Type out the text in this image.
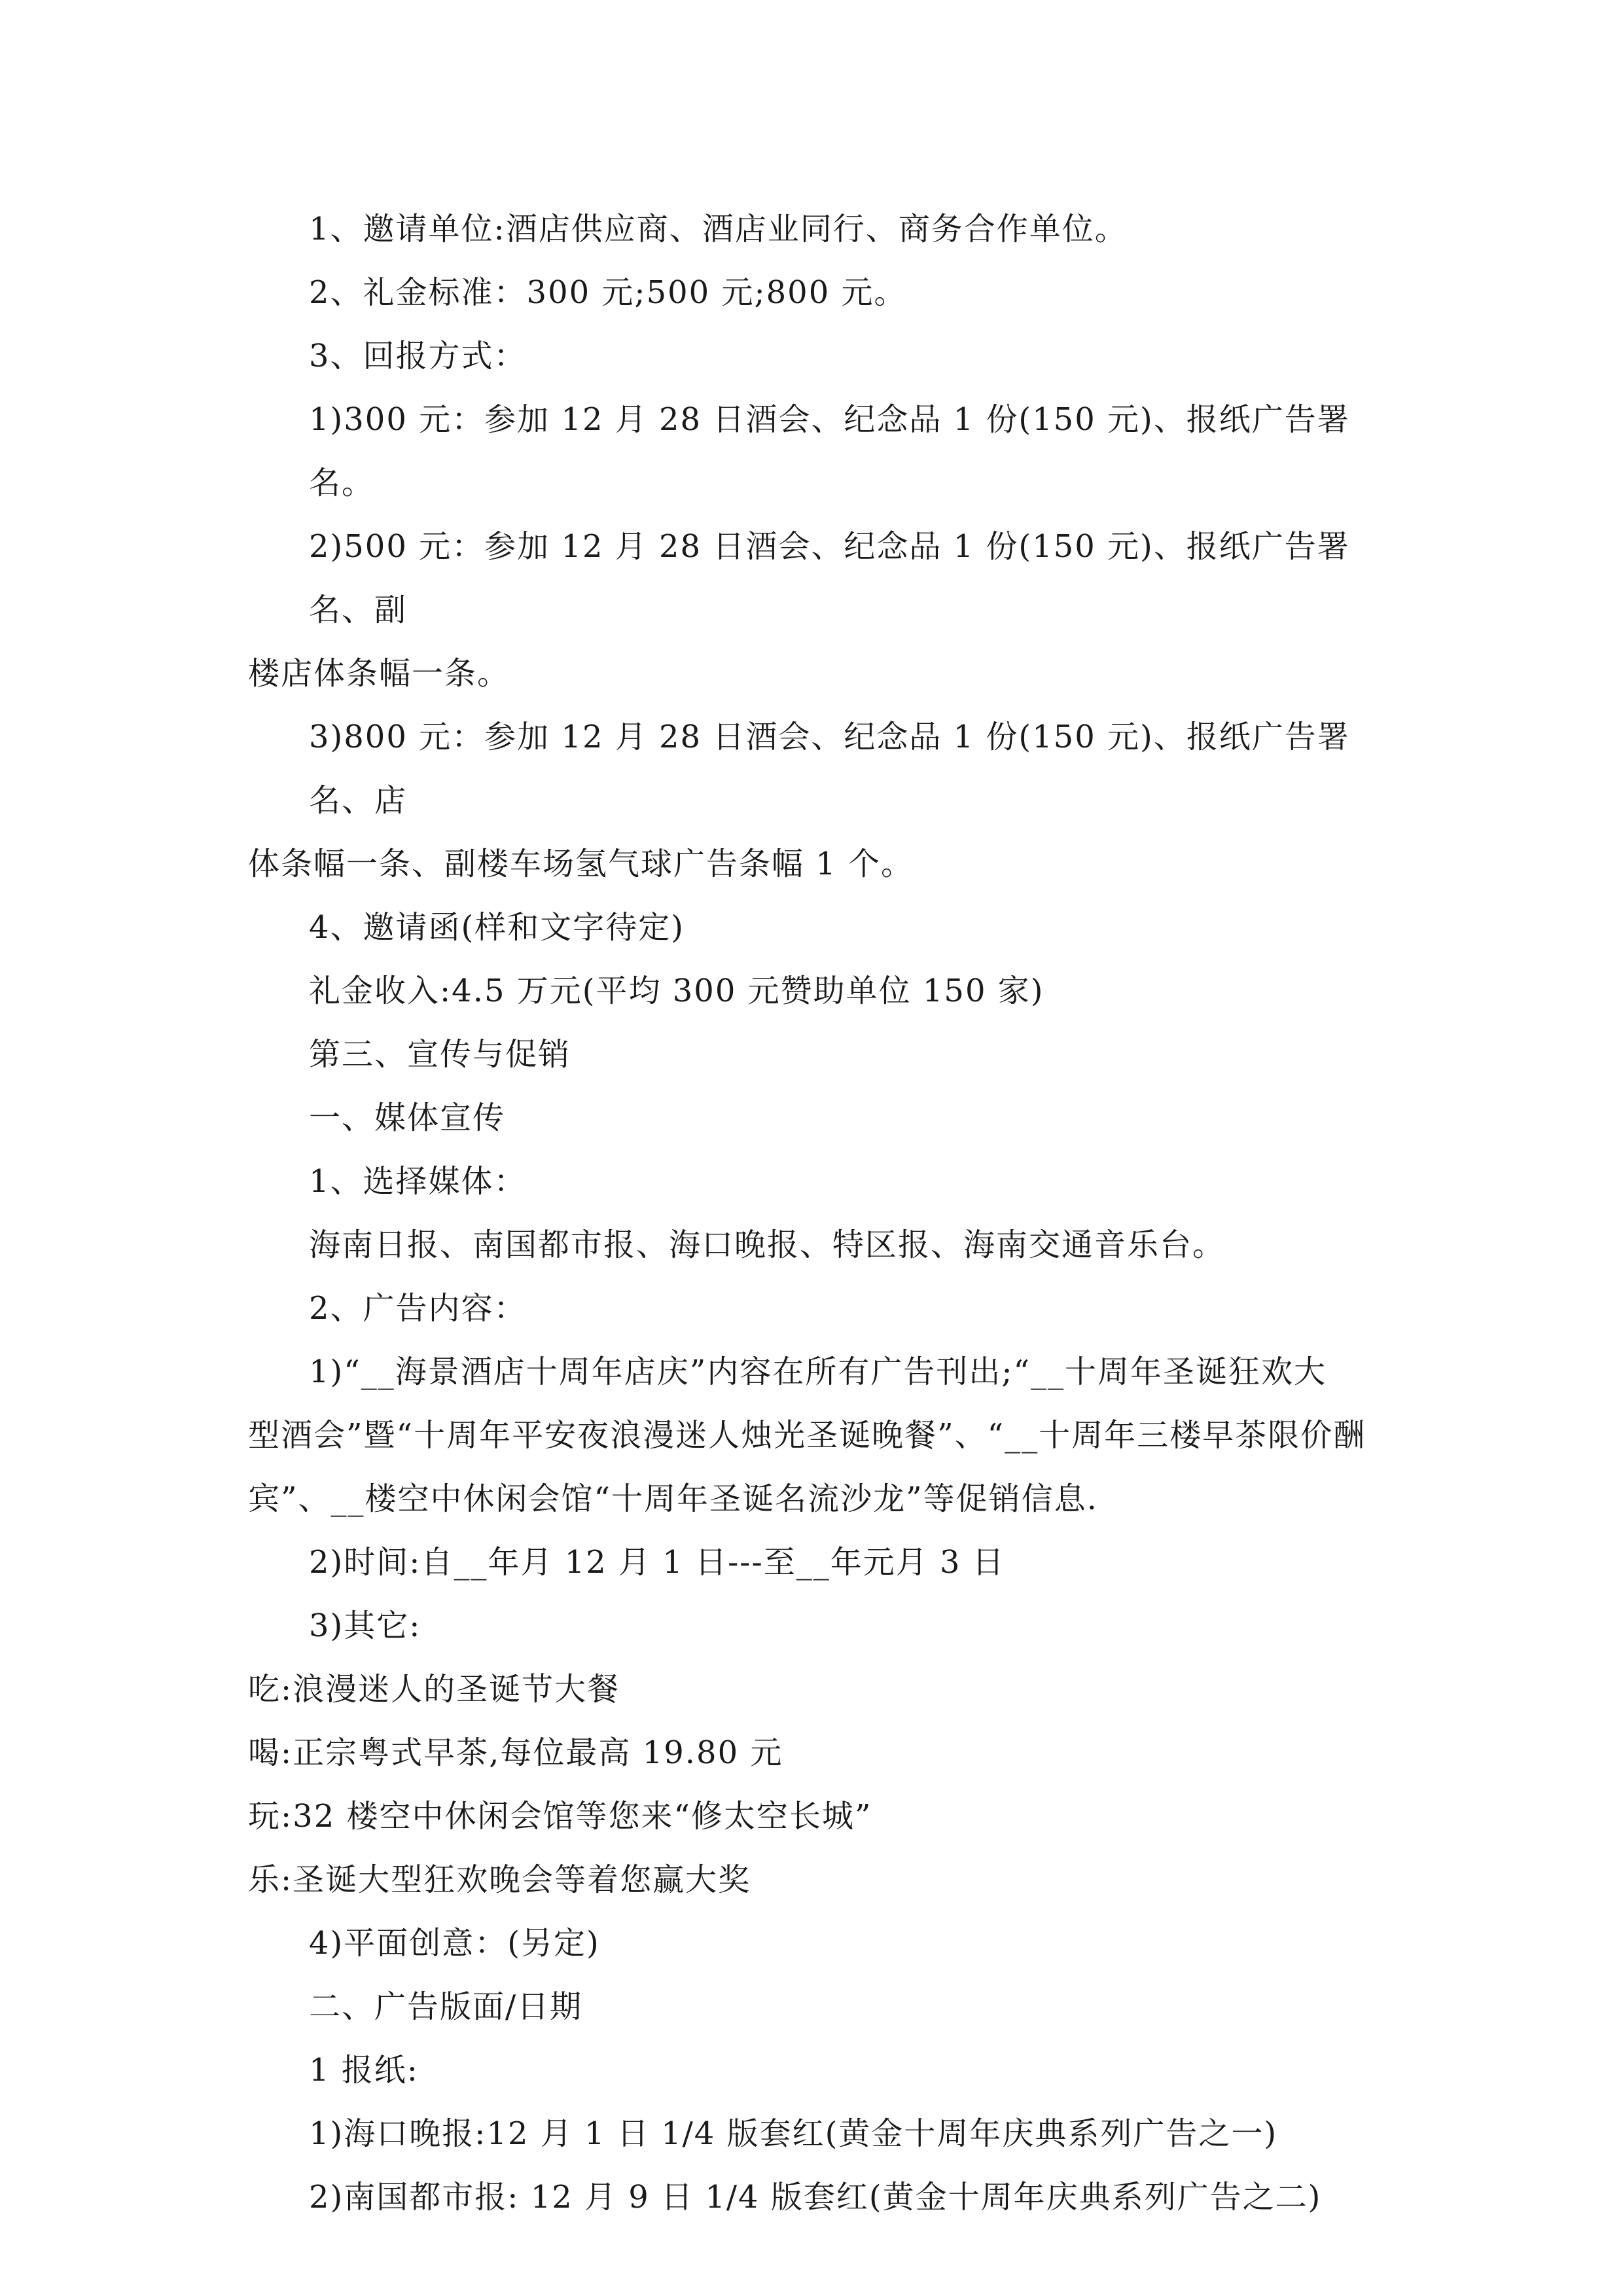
1、邀请单位:酒店供应商、酒店业同行、商务合作单位。

2、礼金标准：300 元;500 元;800 元。

3、回报方式：

1)300 元：参加 12 月 28 日酒会、纪念品 1 份(150 元)、报纸广告署名。

2)500 元：参加 12 月 28 日酒会、纪念品 1 份(150 元)、报纸广告署名、副

楼店体条幅一条。

3)800 元：参加 12 月 28 日酒会、纪念品 1 份(150 元)、报纸广告署名、店

体条幅一条、副楼车场氢气球广告条幅 1 个。

4、邀请函(样和文字待定)

礼金收入:4.5 万元(平均 300 元赞助单位 150 家)

第三、宣传与促销

一、媒体宣传

1、选择媒体：

海南日报、南国都市报、海口晚报、特区报、海南交通音乐台。

2、广告内容：

1)“__海景酒店十周年店庆”内容在所有广告刊出;“__十周年圣诞狂欢大

型酒会”暨“十周年平安夜浪漫迷人烛光圣诞晚餐”、“__十周年三楼早茶限价酬

宾”、__楼空中休闲会馆“十周年圣诞名流沙龙”等促销信息.

2)时间:自__年月 12 月 1 日---至__年元月 3 日

3)其它:

吃:浪漫迷人的圣诞节大餐

喝:正宗粤式早茶,每位最高 19.80 元

玩:32 楼空中休闲会馆等您来“修太空长城”

乐:圣诞大型狂欢晚会等着您赢大奖

4)平面创意：(另定)

二、广告版面/日期

1 报纸:

1)海口晚报:12 月 1 日 1/4 版套红(黄金十周年庆典系列广告之一)

2)南国都市报: 12 月 9 日 1/4 版套红(黄金十周年庆典系列广告之二)
